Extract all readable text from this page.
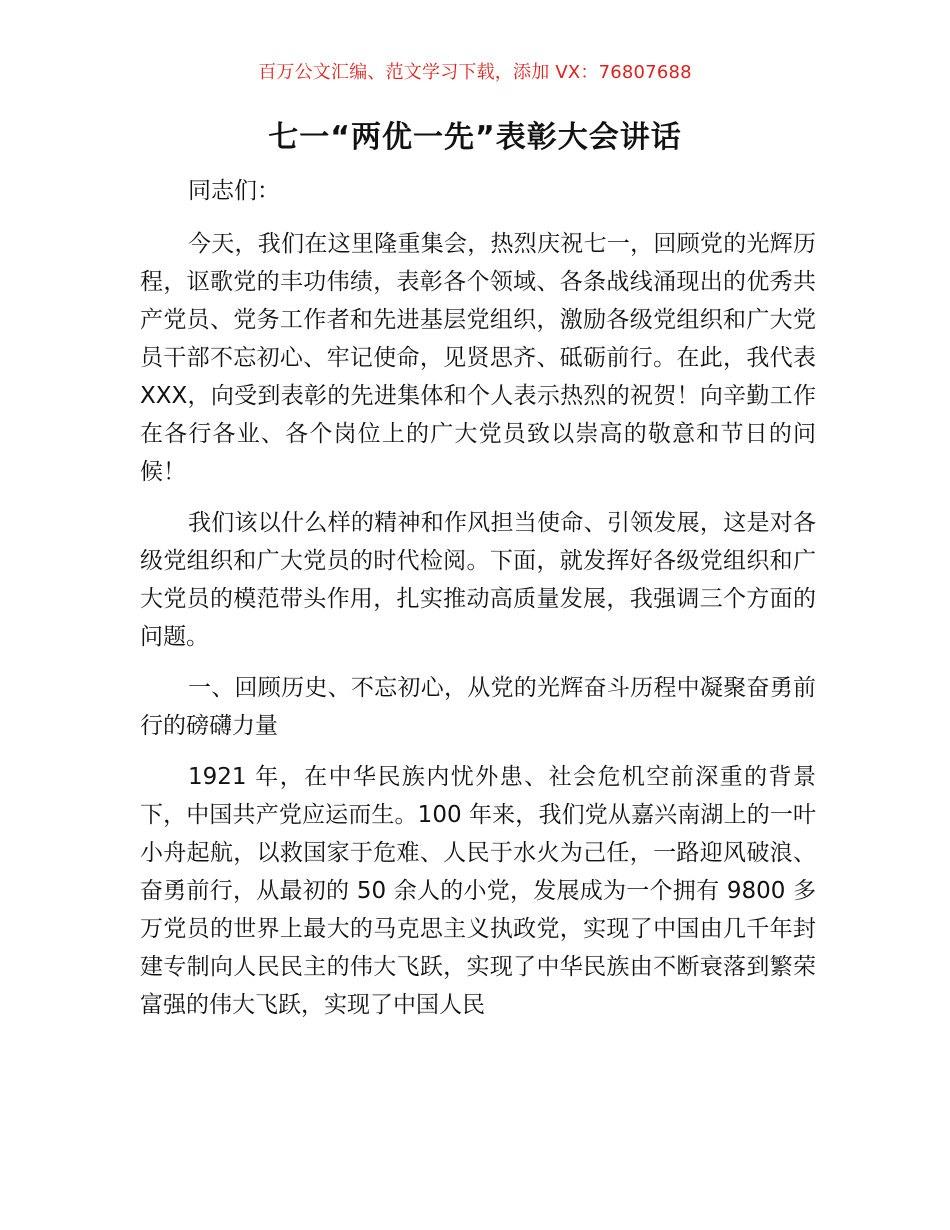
百万公文汇编、范文学习下载，添加 VX：76807688
七一“两优一先”表彰大会讲话

同志们：

今天，我们在这里隆重集会，热烈庆祝七一，回顾党的光辉历程，讴歌党的丰功伟绩，表彰各个领域、各条战线涌现出的优秀共产党员、党务工作者和先进基层党组织，激励各级党组织和广大党员干部不忘初心、牢记使命，见贤思齐、砥砺前行。在此，我代表 XXX，向受到表彰的先进集体和个人表示热烈的祝贺！向辛勤工作在各行各业、各个岗位上的广大党员致以崇高的敬意和节日的问候！

我们该以什么样的精神和作风担当使命、引领发展，这是对各级党组织和广大党员的时代检阅。下面，就发挥好各级党组织和广大党员的模范带头作用，扎实推动高质量发展，我强调三个方面的问题。

一、回顾历史、不忘初心，从党的光辉奋斗历程中凝聚奋勇前行的磅礴力量

1921 年，在中华民族内忧外患、社会危机空前深重的背景下，中国共产党应运而生。100 年来，我们党从嘉兴南湖上的一叶小舟起航，以救国家于危难、人民于水火为己任，一路迎风破浪、奋勇前行，从最初的 50 余人的小党，发展成为一个拥有 9800 多万党员的世界上最大的马克思主义执政党，实现了中国由几千年封建专制向人民民主的伟大飞跃，实现了中华民族由不断衰落到繁荣富强的伟大飞跃，实现了中国人民
